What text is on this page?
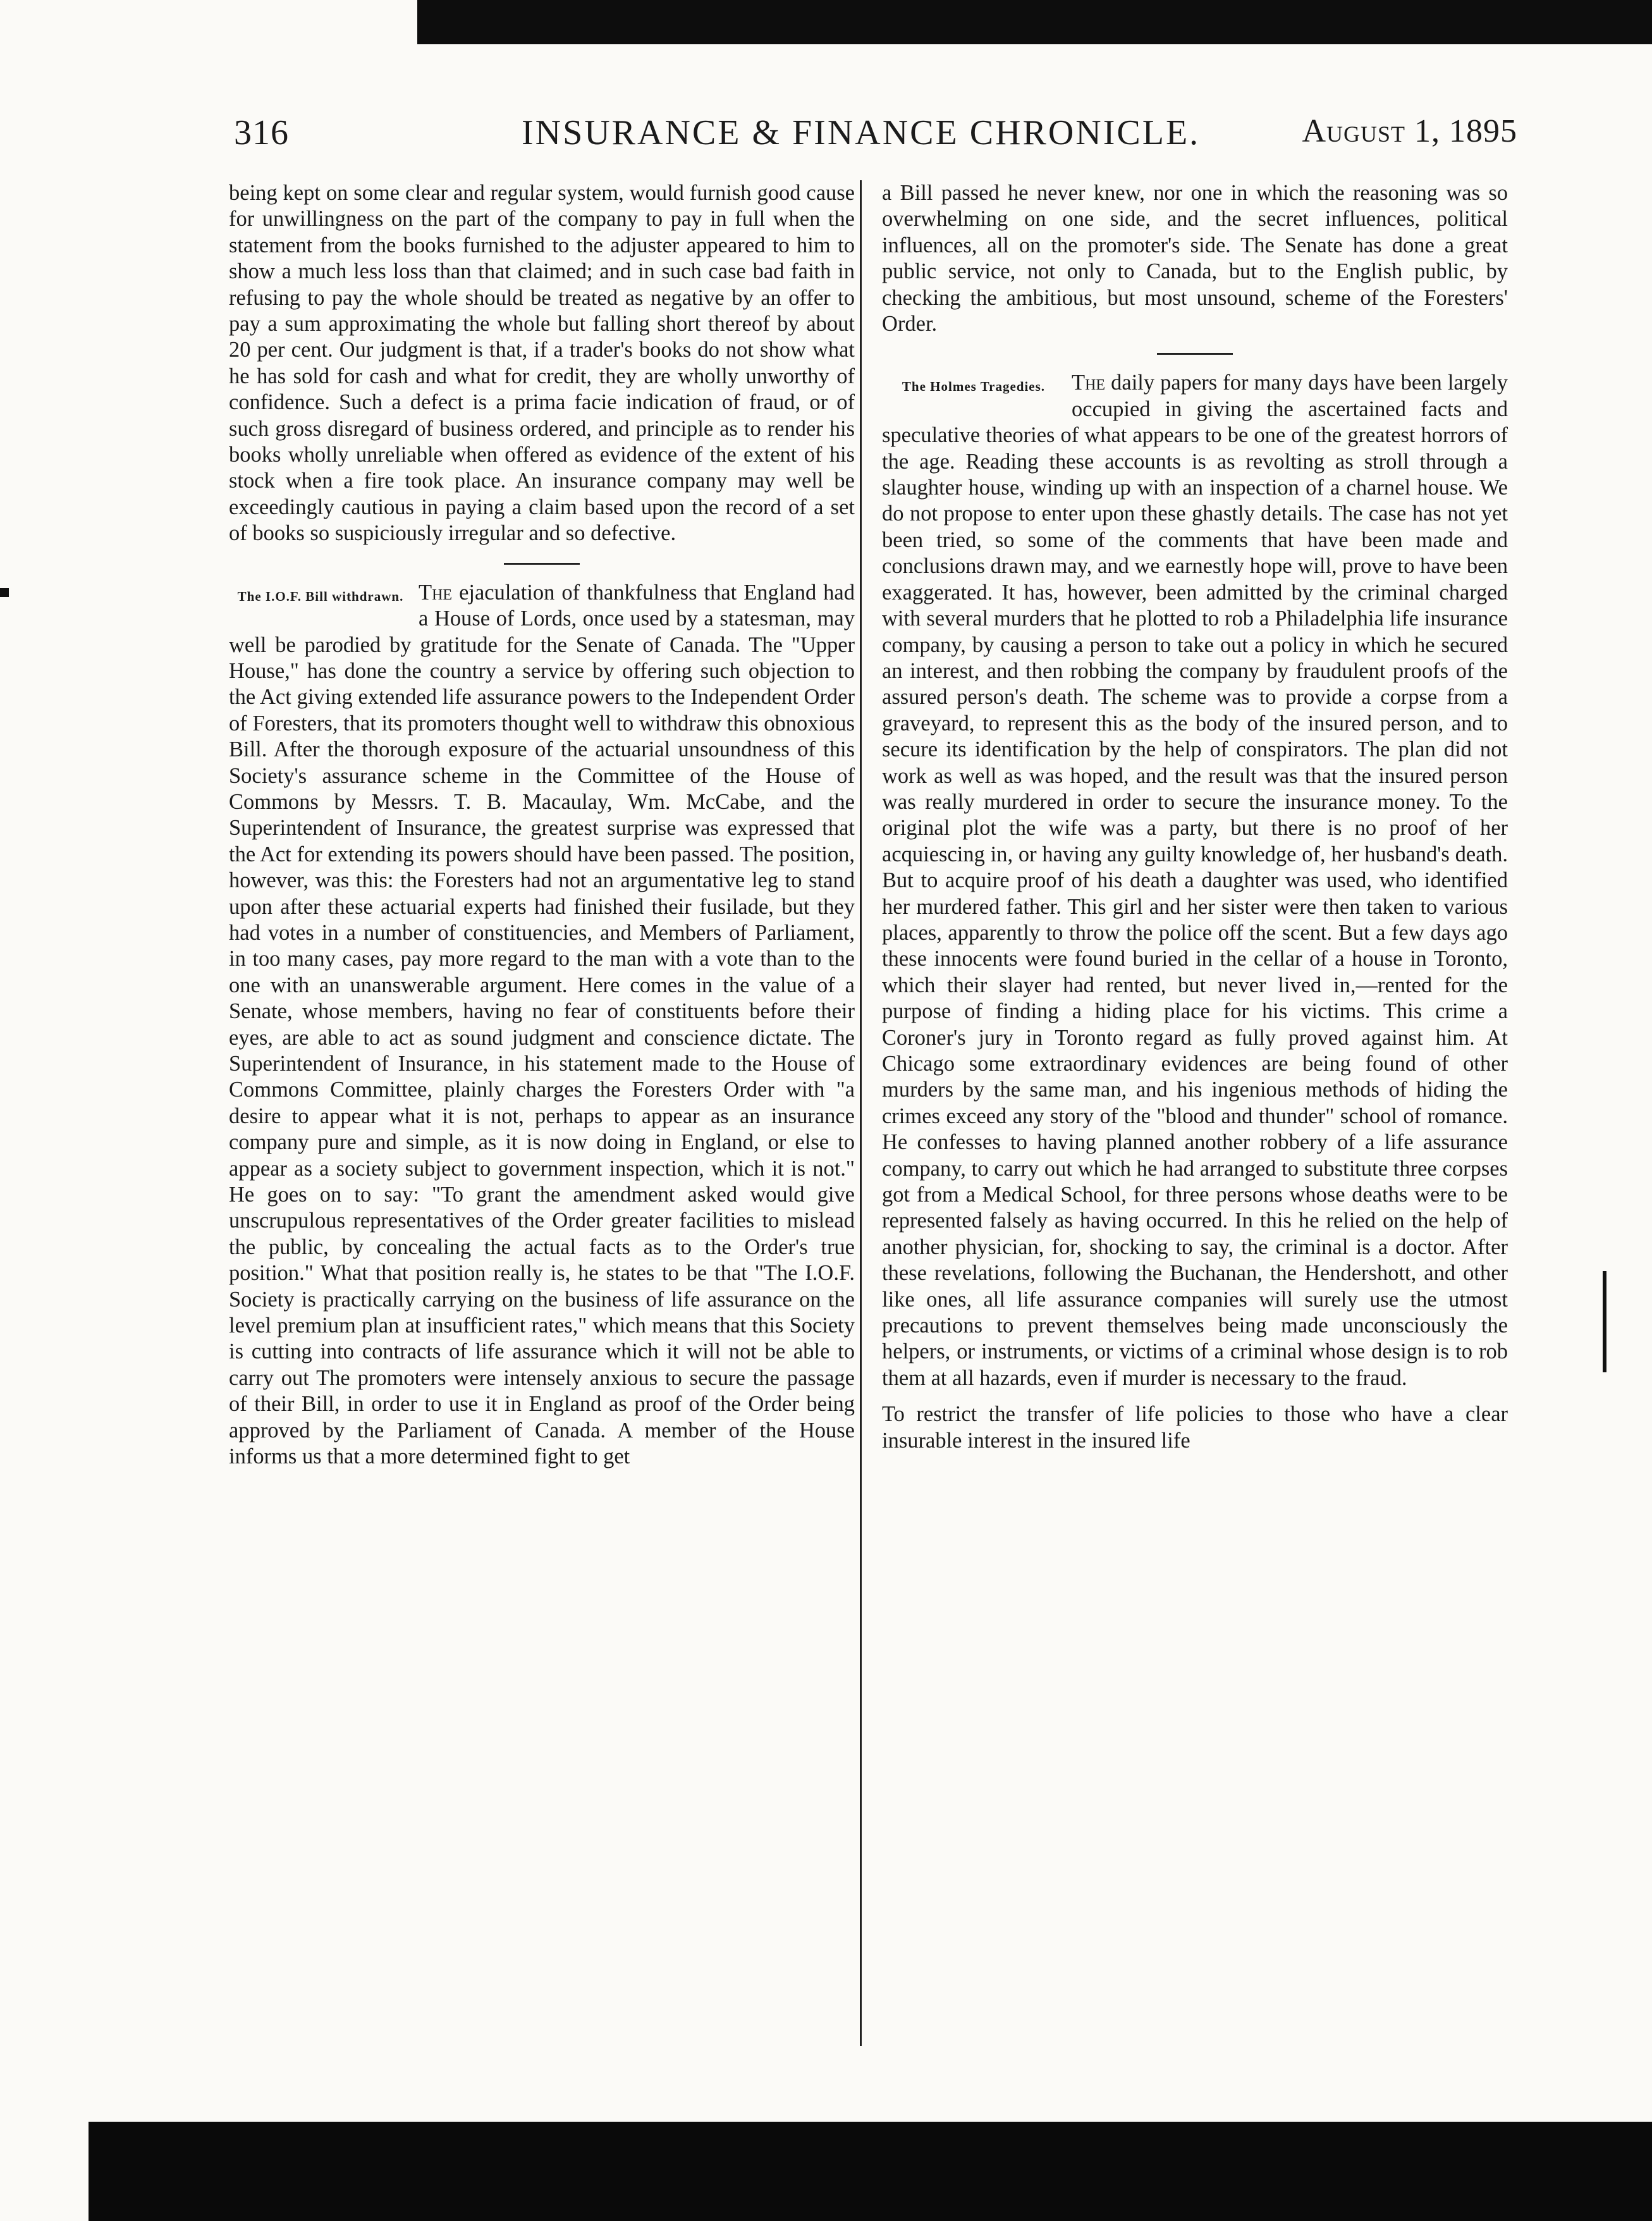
316	INSURANCE & FINANCE CHRONICLE.	August 1, 1895

being kept on some clear and regular system, would furnish good cause for unwillingness on the part of the company to pay in full when the statement from the books furnished to the adjuster appeared to him to show a much less loss than that claimed; and in such case bad faith in refusing to pay the whole should be treated as negative by an offer to pay a sum approximating the whole but falling short thereof by about 20 per cent. Our judgment is that, if a trader's books do not show what he has sold for cash and what for credit, they are wholly unworthy of confidence. Such a defect is a prima facie indication of fraud, or of such gross disregard of business ordered, and principle as to render his books wholly unreliable when offered as evidence of the extent of his stock when a fire took place. An insurance company may well be exceedingly cautious in paying a claim based upon the record of a set of books so suspiciously irregular and so defective.

The I.O.F. Bill withdrawn. The ejaculation of thankfulness that England had a House of Lords, once used by a statesman, may well be parodied by gratitude for the Senate of Canada. The "Upper House," has done the country a service by offering such objection to the Act giving extended life assurance powers to the Independent Order of Foresters, that its promoters thought well to withdraw this obnoxious Bill. After the thorough exposure of the actuarial unsoundness of this Society's assurance scheme in the Committee of the House of Commons by Messrs. T. B. Macaulay, Wm. McCabe, and the Superintendent of Insurance, the greatest surprise was expressed that the Act for extending its powers should have been passed. The position, however, was this: the Foresters had not an argumentative leg to stand upon after these actuarial experts had finished their fusilade, but they had votes in a number of constituencies, and Members of Parliament, in too many cases, pay more regard to the man with a vote than to the one with an unanswerable argument. Here comes in the value of a Senate, whose members, having no fear of constituents before their eyes, are able to act as sound judgment and conscience dictate. The Superintendent of Insurance, in his statement made to the House of Commons Committee, plainly charges the Foresters Order with "a desire to appear what it is not, perhaps to appear as an insurance company pure and simple, as it is now doing in England, or else to appear as a society subject to government inspection, which it is not." He goes on to say: "To grant the amendment asked would give unscrupulous representatives of the Order greater facilities to mislead the public, by concealing the actual facts as to the Order's true position." What that position really is, he states to be that "The I.O.F. Society is practically carrying on the business of life assurance on the level premium plan at insufficient rates," which means that this Society is cutting into contracts of life assurance which it will not be able to carry out The promoters were intensely anxious to secure the passage of their Bill, in order to use it in England as proof of the Order being approved by the Parliament of Canada. A member of the House informs us that a more determined fight to get

a Bill passed he never knew, nor one in which the reasoning was so overwhelming on one side, and the secret influences, political influences, all on the promoter's side. The Senate has done a great public service, not only to Canada, but to the English public, by checking the ambitious, but most unsound, scheme of the Foresters' Order.

The Holmes Tragedies.	The daily papers for many days have been largely occupied in giving the ascertained facts and speculative theories of what appears to be one of the greatest horrors of the age. Reading these accounts is as revolting as stroll through a slaughter house, winding up with an inspection of a charnel house. We do not propose to enter upon these ghastly details. The case has not yet been tried, so some of the comments that have been made and conclusions drawn may, and we earnestly hope will, prove to have been exaggerated. It has, however, been admitted by the criminal charged with several murders that he plotted to rob a Philadelphia life insurance company, by causing a person to take out a policy in which he secured an interest, and then robbing the company by fraudulent proofs of the assured person's death. The scheme was to provide a corpse from a graveyard, to represent this as the body of the insured person, and to secure its identification by the help of conspirators. The plan did not work as well as was hoped, and the result was that the insured person was really murdered in order to secure the insurance money. To the original plot the wife was a party, but there is no proof of her acquiescing in, or having any guilty knowledge of, her husband's death. But to acquire proof of his death a daughter was used, who identified her murdered father. This girl and her sister were then taken to various places, apparently to throw the police off the scent. But a few days ago these innocents were found buried in the cellar of a house in Toronto, which their slayer had rented, but never lived in,—rented for the purpose of finding a hiding place for his victims. This crime a Coroner's jury in Toronto regard as fully proved against him. At Chicago some extraordinary evidences are being found of other murders by the same man, and his ingenious methods of hiding the crimes exceed any story of the "blood and thunder" school of romance. He confesses to having planned another robbery of a life assurance company, to carry out which he had arranged to substitute three corpses got from a Medical School, for three persons whose deaths were to be represented falsely as having occurred. In this he relied on the help of another physician, for, shocking to say, the criminal is a doctor. After these revelations, following the Buchanan, the Hendershott, and other like ones, all life assurance companies will surely use the utmost precautions to prevent themselves being made unconsciously the helpers, or instruments, or victims of a criminal whose design is to rob them at all hazards, even if murder is necessary to the fraud.

To restrict the transfer of life policies to those who have a clear insurable interest in the insured life
